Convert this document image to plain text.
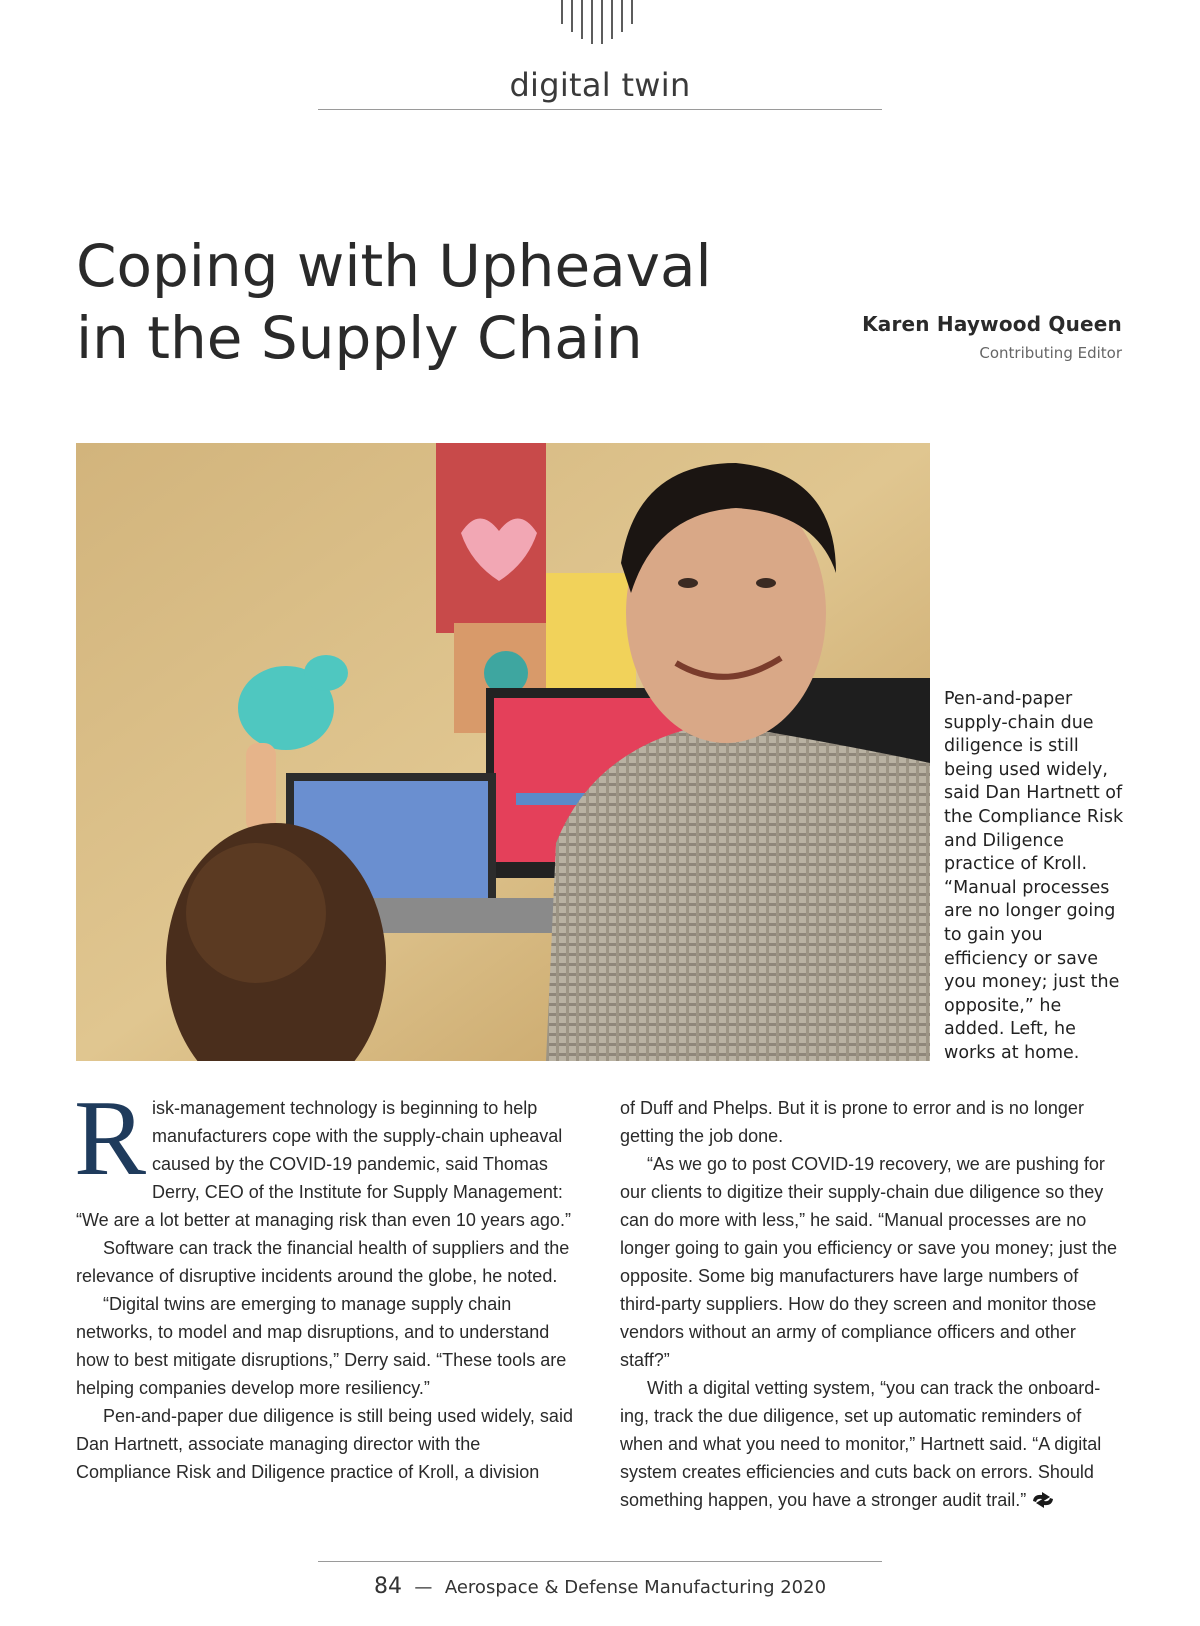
digital twin
Coping with Upheaval
in the Supply Chain	Karen Haywood Queen
Contributing Editor

Pen-and-paper supply-chain due diligence is still being used widely, said Dan Hartnett of the Compliance Risk and Diligence practice of Kroll. “Manual processes are no longer going to gain you efficiency or save you money; just the opposite,” he added. Left, he works at home.

Risk-management technology is beginning to help manufacturers cope with the supply-chain upheaval caused by the COVID-19 pandemic, said Thomas Derry, CEO of the Institute for Supply Management: “We are a lot better at managing risk than even 10 years ago.”

Software can track the financial health of suppliers and the relevance of disruptive incidents around the globe, he noted.

“Digital twins are emerging to manage supply chain networks, to model and map disruptions, and to understand how to best mitigate disruptions,” Derry said. “These tools are helping companies develop more resiliency.”

Pen-and-paper due diligence is still being used widely, said Dan Hartnett, associate managing director with the Compliance Risk and Diligence practice of Kroll, a division

of Duff and Phelps. But it is prone to error and is no longer getting the job done.

“As we go to post COVID-19 recovery, we are pushing for our clients to digitize their supply-chain due diligence so they can do more with less,” he said. “Manual processes are no longer going to gain you efficiency or save you money; just the opposite. Some big manufacturers have large numbers of third-party suppliers. How do they screen and monitor those vendors without an army of compliance officers and other staff?”

With a digital vetting system, “you can track the onboard-ing, track the due diligence, set up automatic reminders of when and what you need to monitor,” Hartnett said. “A digital system creates efficiencies and cuts back on errors. Should something happen, you have a stronger audit trail.”

84 — Aerospace & Defense Manufacturing 2020
